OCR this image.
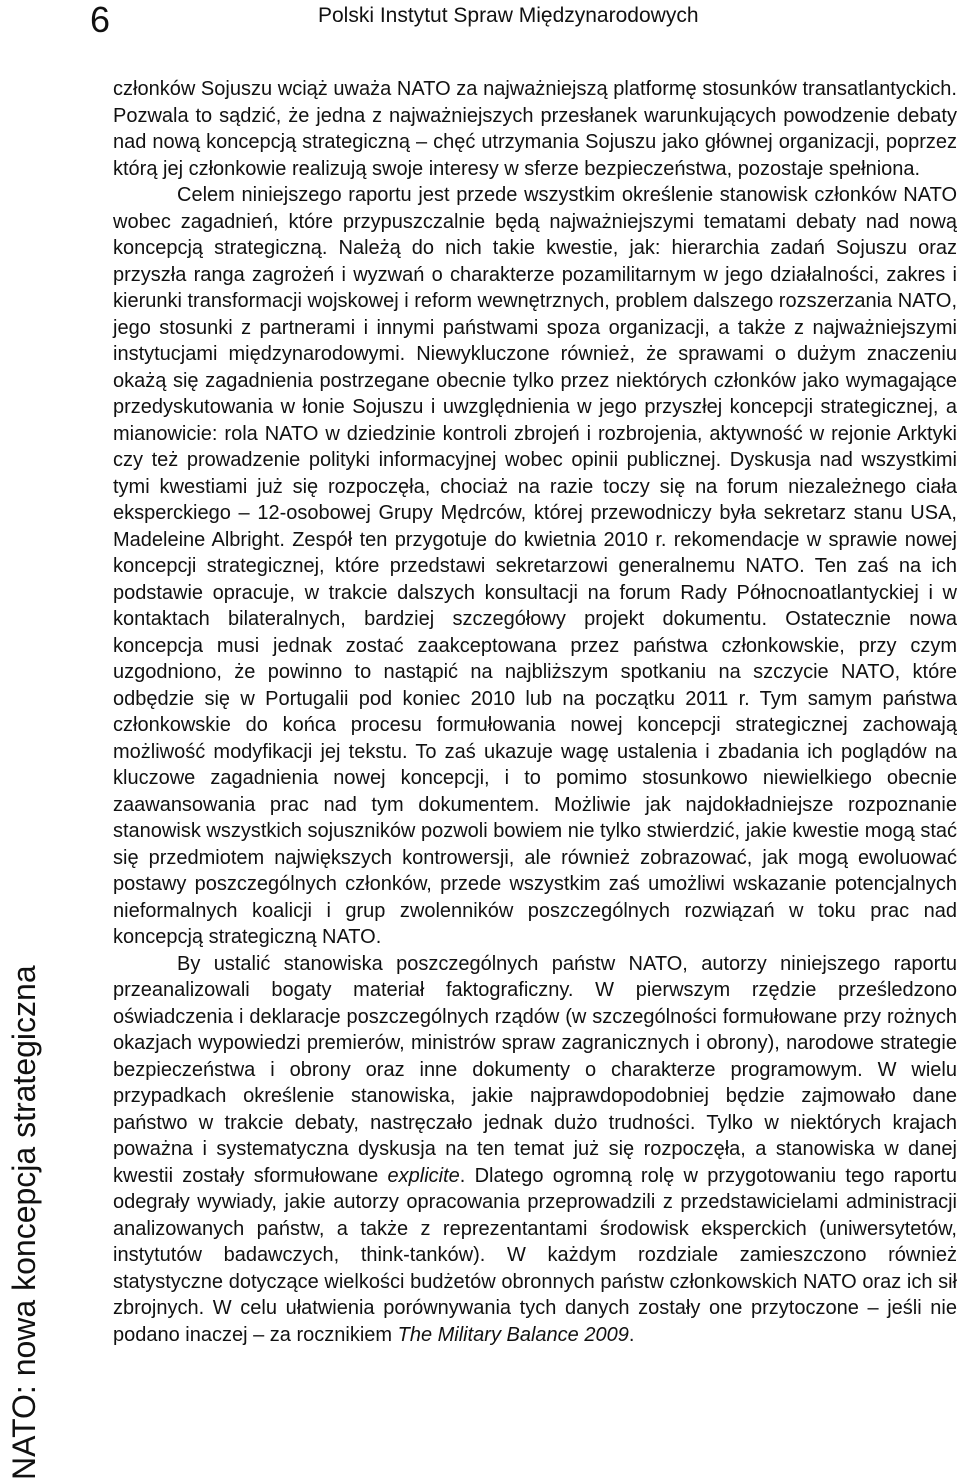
6	Polski Instytut Spraw Międzynarodowych
NATO: nowa koncepcja strategiczna

członków Sojuszu wciąż uważa NATO za najważniejszą platformę stosunków transatlantyckich. Pozwala to sądzić, że jedna z najważniejszych przesłanek warunkujących powodzenie debaty nad nową koncepcją strategiczną – chęć utrzymania Sojuszu jako głównej organizacji, poprzez którą jej członkowie realizują swoje interesy w sferze bezpieczeństwa, pozostaje spełniona.

Celem niniejszego raportu jest przede wszystkim określenie stanowisk członków NATO wobec zagadnień, które przypuszczalnie będą najważniejszymi tematami debaty nad nową koncepcją strategiczną. Należą do nich takie kwestie, jak: hierarchia zadań Sojuszu oraz przyszła ranga zagrożeń i wyzwań o charakterze pozamilitarnym w jego działalności, zakres i kierunki transformacji wojskowej i reform wewnętrznych, problem dalszego rozszerzania NATO, jego stosunki z partnerami i innymi państwami spoza organizacji, a także z najważniejszymi instytucjami międzynarodowymi. Niewykluczone również, że sprawami o dużym znaczeniu okażą się zagadnienia postrzegane obecnie tylko przez niektórych członków jako wymagające przedyskutowania w łonie Sojuszu i uwzględnienia w jego przyszłej koncepcji strategicznej, a mianowicie: rola NATO w dziedzinie kontroli zbrojeń i rozbrojenia, aktywność w rejonie Arktyki czy też prowadzenie polityki informacyjnej wobec opinii publicznej. Dyskusja nad wszystkimi tymi kwestiami już się rozpoczęła, chociaż na razie toczy się na forum niezależnego ciała eksperckiego – 12-osobowej Grupy Mędrców, której przewodniczy była sekretarz stanu USA, Madeleine Albright. Zespół ten przygotuje do kwietnia 2010 r. rekomendacje w sprawie nowej koncepcji strategicznej, które przedstawi sekretarzowi generalnemu NATO. Ten zaś na ich podstawie opracuje, w trakcie dalszych konsultacji na forum Rady Północnoatlantyckiej i w kontaktach bilateralnych, bardziej szczegółowy projekt dokumentu. Ostatecznie nowa koncepcja musi jednak zostać zaakceptowana przez państwa członkowskie, przy czym uzgodniono, że powinno to nastąpić na najbliższym spotkaniu na szczycie NATO, które odbędzie się w Portugalii pod koniec 2010 lub na początku 2011 r. Tym samym państwa członkowskie do końca procesu formułowania nowej koncepcji strategicznej zachowają możliwość modyfikacji jej tekstu. To zaś ukazuje wagę ustalenia i zbadania ich poglądów na kluczowe zagadnienia nowej koncepcji, i to pomimo stosunkowo niewielkiego obecnie zaawansowania prac nad tym dokumentem. Możliwie jak najdokładniejsze rozpoznanie stanowisk wszystkich sojuszników pozwoli bowiem nie tylko stwierdzić, jakie kwestie mogą stać się przedmiotem największych kontrowersji, ale również zobrazować, jak mogą ewoluować postawy poszczególnych członków, przede wszystkim zaś umożliwi wskazanie potencjalnych nieformalnych koalicji i grup zwolenników poszczególnych rozwiązań w toku prac nad koncepcją strategiczną NATO.

By ustalić stanowiska poszczególnych państw NATO, autorzy niniejszego raportu przeanalizowali bogaty materiał faktograficzny. W pierwszym rzędzie prześledzono oświadczenia i deklaracje poszczególnych rządów (w szczególności formułowane przy rożnych okazjach wypowiedzi premierów, ministrów spraw zagranicznych i obrony), narodowe strategie bezpieczeństwa i obrony oraz inne dokumenty o charakterze programowym. W wielu przypadkach określenie stanowiska, jakie najprawdopodobniej będzie zajmowało dane państwo w trakcie debaty, nastręczało jednak dużo trudności. Tylko w niektórych krajach poważna i systematyczna dyskusja na ten temat już się rozpoczęła, a stanowiska w danej kwestii zostały sformułowane explicite. Dlatego ogromną rolę w przygotowaniu tego raportu odegrały wywiady, jakie autorzy opracowania przeprowadzili z przedstawicielami administracji analizowanych państw, a także z reprezentantami środowisk eksperckich (uniwersytetów, instytutów badawczych, think-tanków). W każdym rozdziale zamieszczono również statystyczne dotyczące wielkości budżetów obronnych państw członkowskich NATO oraz ich sił zbrojnych. W celu ułatwienia porównywania tych danych zostały one przytoczone – jeśli nie podano inaczej – za rocznikiem The Military Balance 2009.
